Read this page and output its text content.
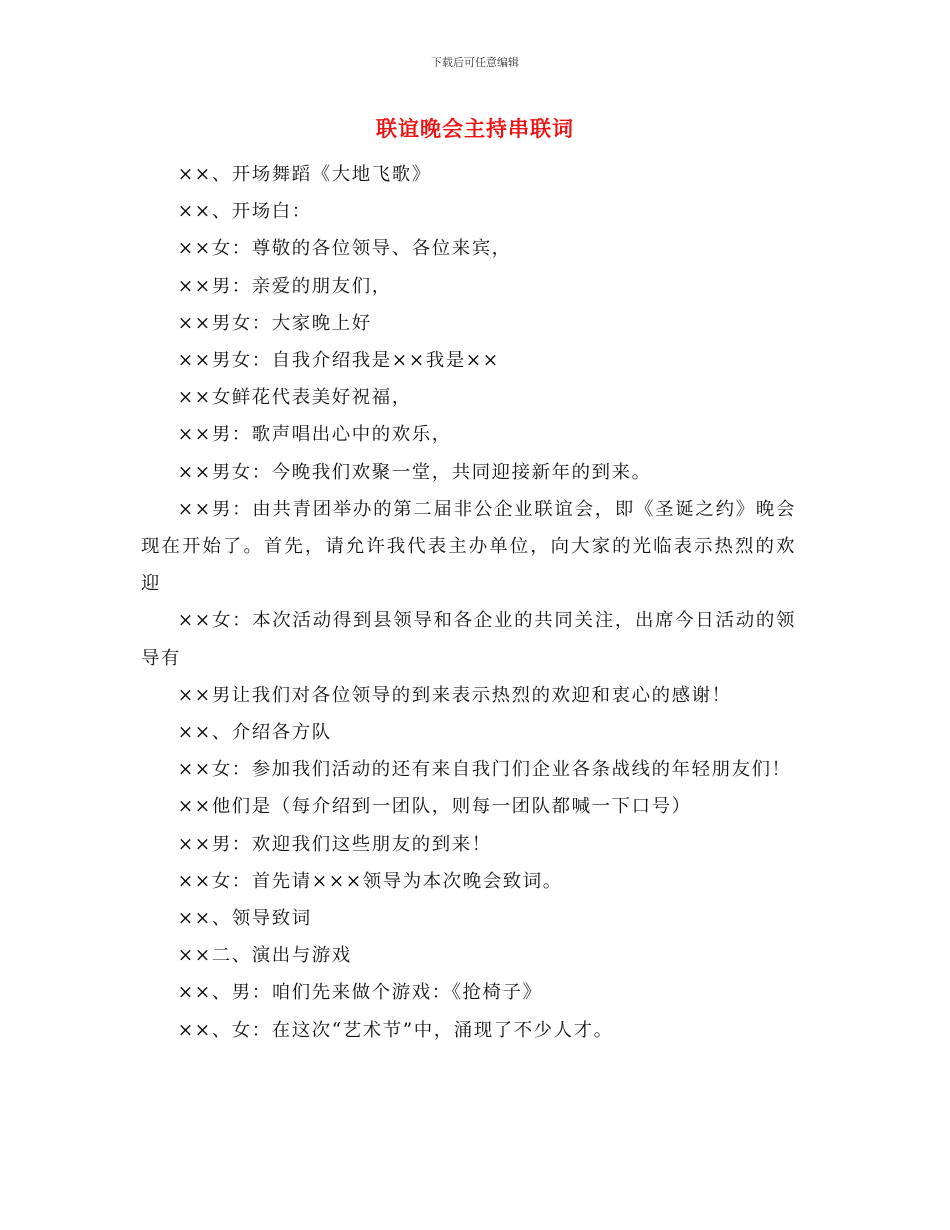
下载后可任意编辑
联谊晚会主持串联词

××、开场舞蹈《大地飞歌》

××、开场白：

××女：尊敬的各位领导、各位来宾，

××男：亲爱的朋友们，

××男女：大家晚上好

××男女：自我介绍我是××我是××

××女鲜花代表美好祝福，

××男：歌声唱出心中的欢乐，

××男女：今晚我们欢聚一堂，共同迎接新年的到来。

××男：由共青团举办的第二届非公企业联谊会，即《圣诞之约》晚会现在开始了。首先，请允许我代表主办单位，向大家的光临表示热烈的欢迎

××女：本次活动得到县领导和各企业的共同关注，出席今日活动的领导有

××男让我们对各位领导的到来表示热烈的欢迎和衷心的感谢！

××、介绍各方队

××女：参加我们活动的还有来自我门们企业各条战线的年轻朋友们！

××他们是（每介绍到一团队，则每一团队都喊一下口号）

××男：欢迎我们这些朋友的到来！

××女：首先请×××领导为本次晚会致词。

××、领导致词

××二、演出与游戏

××、男：咱们先来做个游戏：《抢椅子》

××、女：在这次“艺术节”中，涌现了不少人才。
